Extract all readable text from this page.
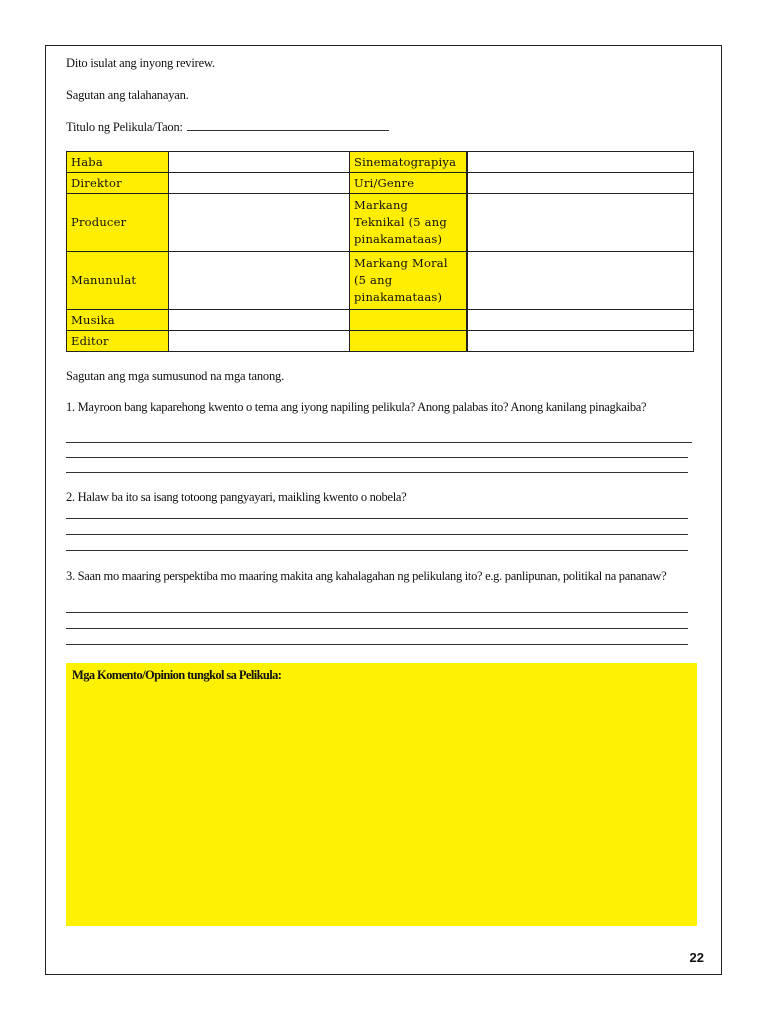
Dito isulat ang inyong revirew.
Sagutan ang talahanayan.
Titulo ng Pelikula/Taon:
Haba		Sinematograpiya	
Direktor		Uri/Genre	
Producer		Markang Teknikal (5 ang pinakamataas)	
Manunulat		Markang Moral (5 ang pinakamataas)	
Musika			
Editor			
Sagutan ang mga sumusunod na mga tanong.
1. Mayroon bang kaparehong kwento o tema ang iyong napiling pelikula? Anong palabas ito? Anong kanilang pinagkaiba?
2. Halaw ba ito sa isang totoong pangyayari, maikling kwento o nobela?
3. Saan mo maaring perspektiba mo maaring makita ang kahalagahan ng pelikulang ito? e.g. panlipunan, politikal na pananaw?
Mga Komento/Opinion tungkol sa Pelikula:
22
